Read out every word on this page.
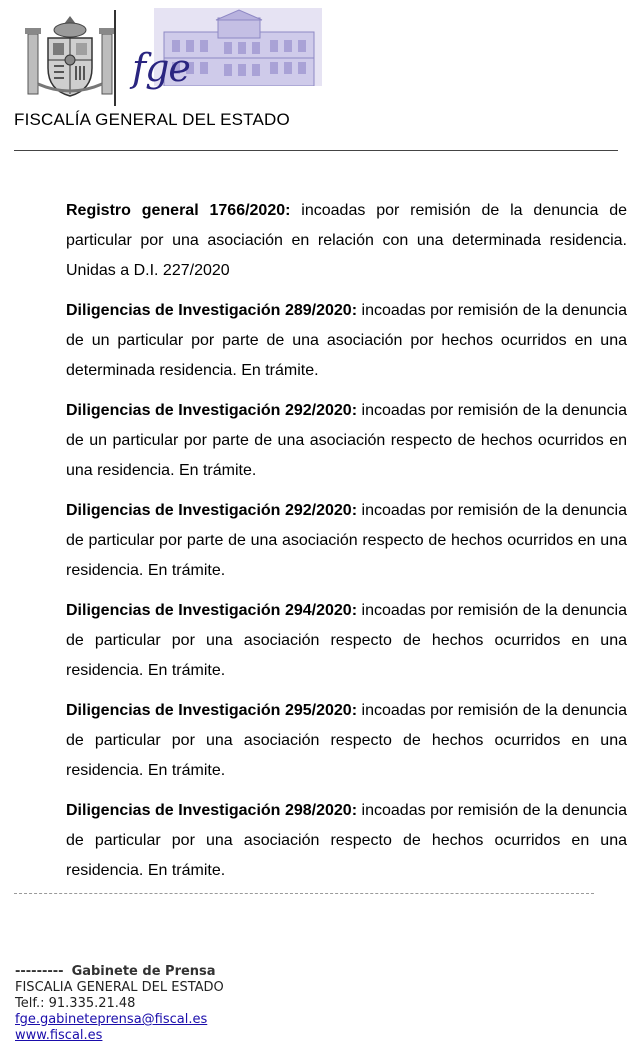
fge
FISCALÍA GENERAL DEL ESTADO

Registro general 1766/2020: incoadas por remisión de la denuncia de particular por una asociación en relación con una determinada residencia. Unidas a D.I. 227/2020

Diligencias de Investigación 289/2020: incoadas por remisión de la denuncia de un particular por parte de una asociación por hechos ocurridos en una determinada residencia. En trámite.

Diligencias de Investigación 292/2020: incoadas por remisión de la denuncia de un particular por parte de una asociación respecto de hechos ocurridos en una residencia. En trámite.

Diligencias de Investigación 292/2020: incoadas por remisión de la denuncia de particular por parte de una asociación respecto de hechos ocurridos en una residencia. En trámite.

Diligencias de Investigación 294/2020: incoadas por remisión de la denuncia de particular por una asociación respecto de hechos ocurridos en una residencia. En trámite.

Diligencias de Investigación 295/2020: incoadas por remisión de la denuncia de particular por una asociación respecto de hechos ocurridos en una residencia. En trámite.

Diligencias de Investigación 298/2020: incoadas por remisión de la denuncia de particular por una asociación respecto de hechos ocurridos en una residencia. En trámite.

--------- Gabinete de Prensa
FISCALIA GENERAL DEL ESTADO
Telf.: 91.335.21.48
fge.gabineteprensa@fiscal.es
www.fiscal.es
